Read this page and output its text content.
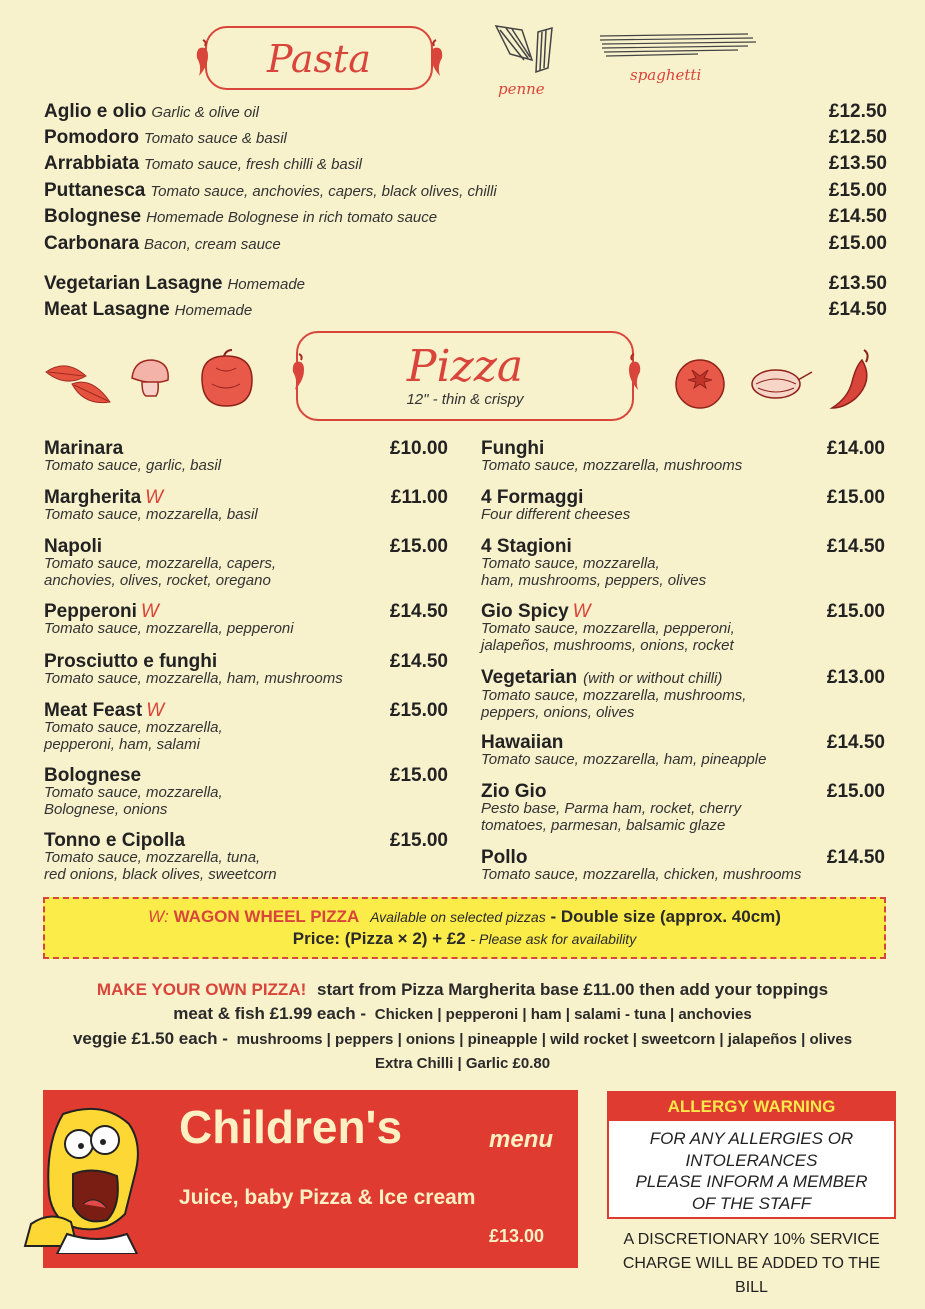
Pasta
penne
spaghetti
Aglio e olio Garlic & olive oil	£12.50
Pomodoro Tomato sauce & basil	£12.50
Arrabbiata Tomato sauce, fresh chilli & basil	£13.50
Puttanesca Tomato sauce, anchovies, capers, black olives, chilli	£15.00
Bolognese Homemade Bolognese in rich tomato sauce	£14.50
Carbonara Bacon, cream sauce	£15.00
Vegetarian Lasagne Homemade	£13.50
Meat Lasagne Homemade	£14.50
Pizza
12" - thin & crispy
Marinara	£10.00
Tomato sauce, garlic, basil
Margherita W	£11.00
Tomato sauce, mozzarella, basil
Napoli	£15.00
Tomato sauce, mozzarella, capers,
anchovies, olives, rocket, oregano
Pepperoni W	£14.50
Tomato sauce, mozzarella, pepperoni
Prosciutto e funghi	£14.50
Tomato sauce, mozzarella, ham, mushrooms
Meat Feast W	£15.00
Tomato sauce, mozzarella,
pepperoni, ham, salami
Bolognese	£15.00
Tomato sauce, mozzarella,
Bolognese, onions
Tonno e Cipolla	£15.00
Tomato sauce, mozzarella, tuna,
red onions, black olives, sweetcorn
Funghi	£14.00
Tomato sauce, mozzarella, mushrooms
4 Formaggi	£15.00
Four different cheeses
4 Stagioni	£14.50
Tomato sauce, mozzarella,
ham, mushrooms, peppers, olives
Gio Spicy W	£15.00
Tomato sauce, mozzarella, pepperoni,
jalapeños, mushrooms, onions, rocket
Vegetarian (with or without chilli)	£13.00
Tomato sauce, mozzarella, mushrooms,
peppers, onions, olives
Hawaiian	£14.50
Tomato sauce, mozzarella, ham, pineapple
Zio Gio	£15.00
Pesto base, Parma ham, rocket, cherry
tomatoes, parmesan, balsamic glaze
Pollo	£14.50
Tomato sauce, mozzarella, chicken, mushrooms
W: WAGON WHEEL PIZZA Available on selected pizzas - Double size (approx. 40cm)
Price: (Pizza × 2) + £2 - Please ask for availability
MAKE YOUR OWN PIZZA! start from Pizza Margherita base £11.00 then add your toppings
meat & fish £1.99 each - Chicken | pepperoni | ham | salami - tuna | anchovies
veggie £1.50 each - mushrooms | peppers | onions | pineapple | wild rocket | sweetcorn | jalapeños | olives
Extra Chilli | Garlic £0.80
Children's	menu
Juice, baby Pizza & Ice cream
£13.00
ALLERGY WARNING
FOR ANY ALLERGIES OR
INTOLERANCES
PLEASE INFORM A MEMBER
OF THE STAFF
A DISCRETIONARY 10% SERVICE
CHARGE WILL BE ADDED TO THE BILL
